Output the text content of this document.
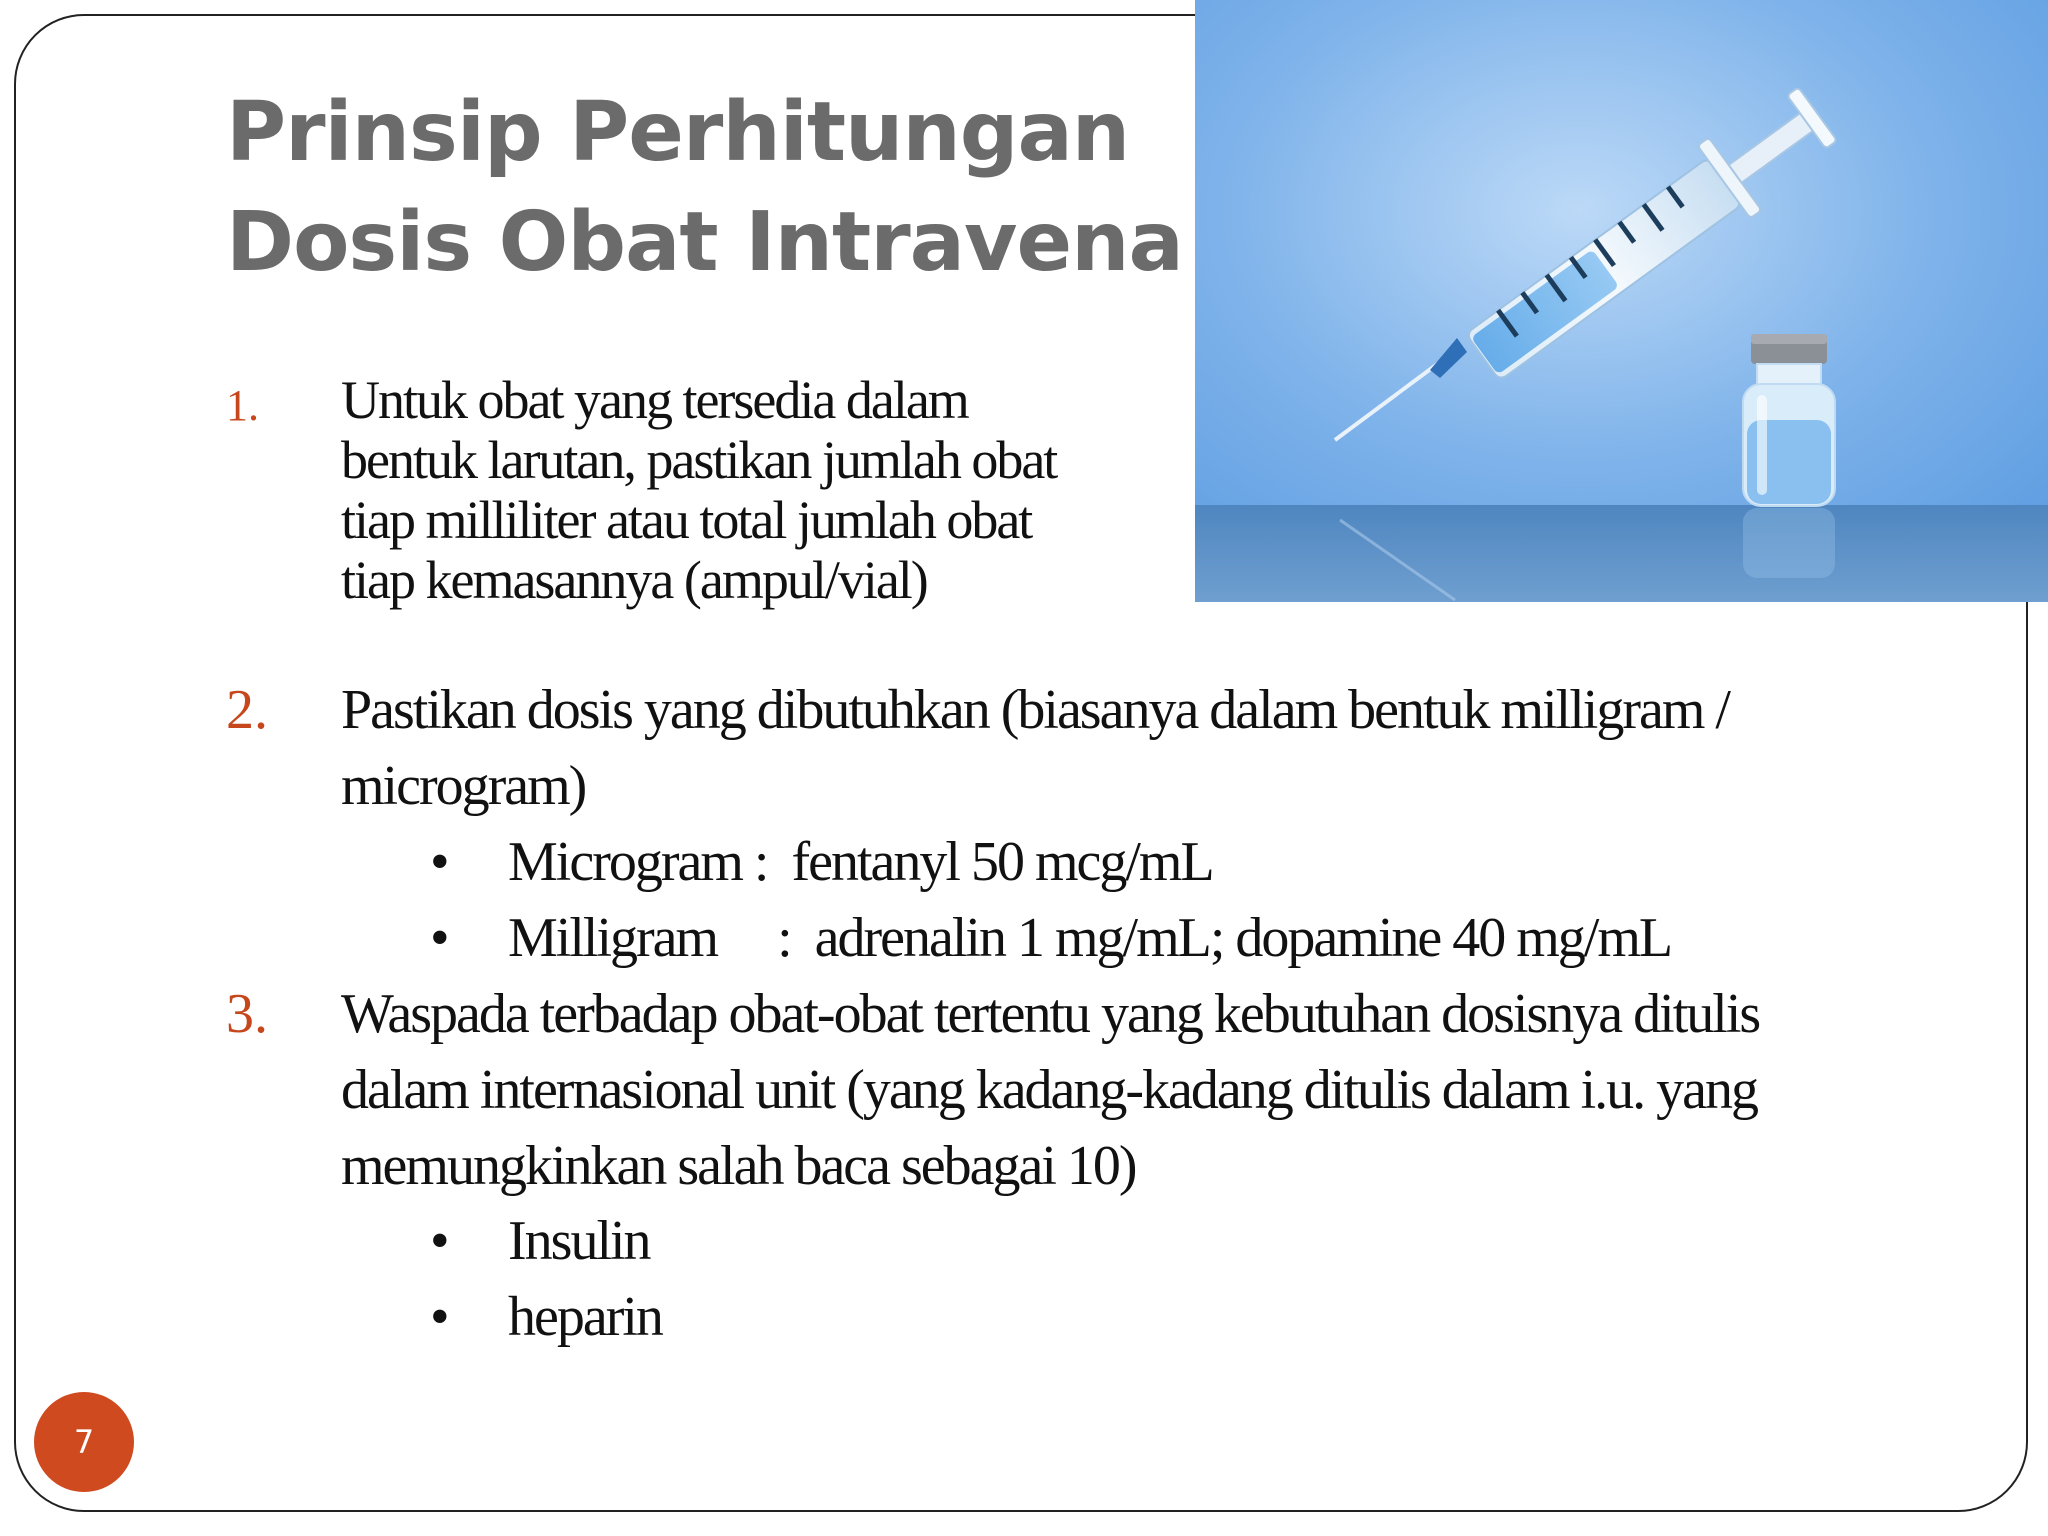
Prinsip Perhitungan
Dosis Obat Intravena
1. Untuk obat yang tersedia dalam
bentuk larutan, pastikan jumlah obat
tiap milliliter atau total jumlah obat
tiap kemasannya (ampul/vial)
2. Pastikan dosis yang dibutuhkan (biasanya dalam bentuk milligram /
microgram)
• Microgram :  fentanyl 50 mcg/mL
• Milligram     :  adrenalin 1 mg/mL; dopamine 40 mg/mL
3. Waspada terbadap obat-obat tertentu yang kebutuhan dosisnya ditulis
dalam internasional unit (yang kadang-kadang ditulis dalam i.u. yang
memungkinkan salah baca sebagai 10)
• Insulin
• heparin
7
